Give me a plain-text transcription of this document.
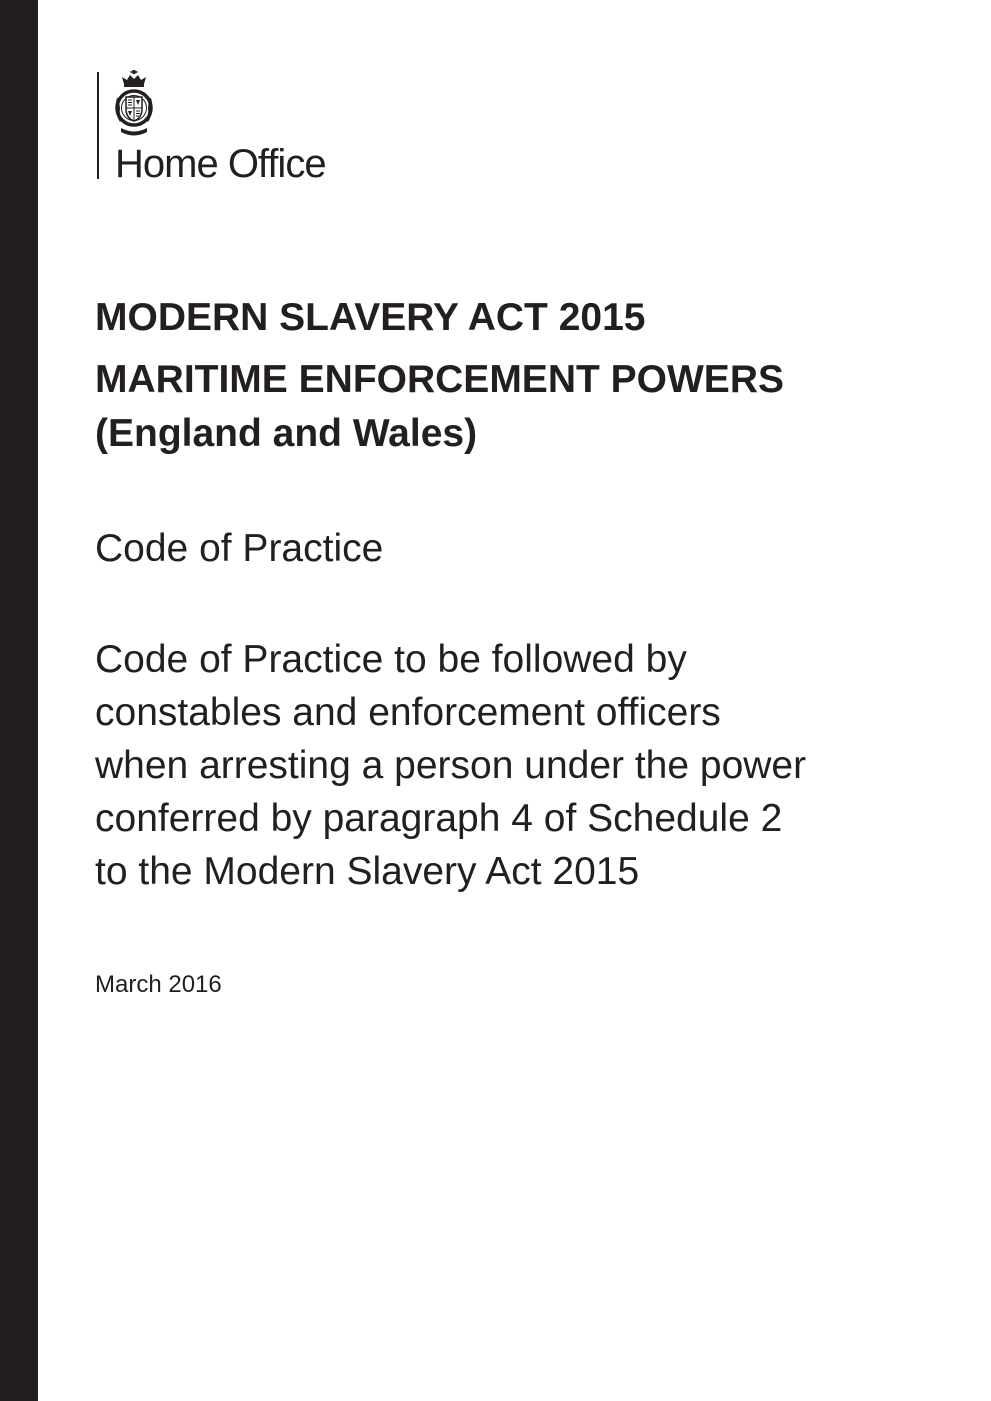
Home Office
MODERN SLAVERY ACT 2015
MARITIME ENFORCEMENT POWERS
(England and Wales)
Code of Practice
Code of Practice to be followed by
constables and enforcement officers
when arresting a person under the power
conferred by paragraph 4 of Schedule 2
to the Modern Slavery Act 2015
March 2016
